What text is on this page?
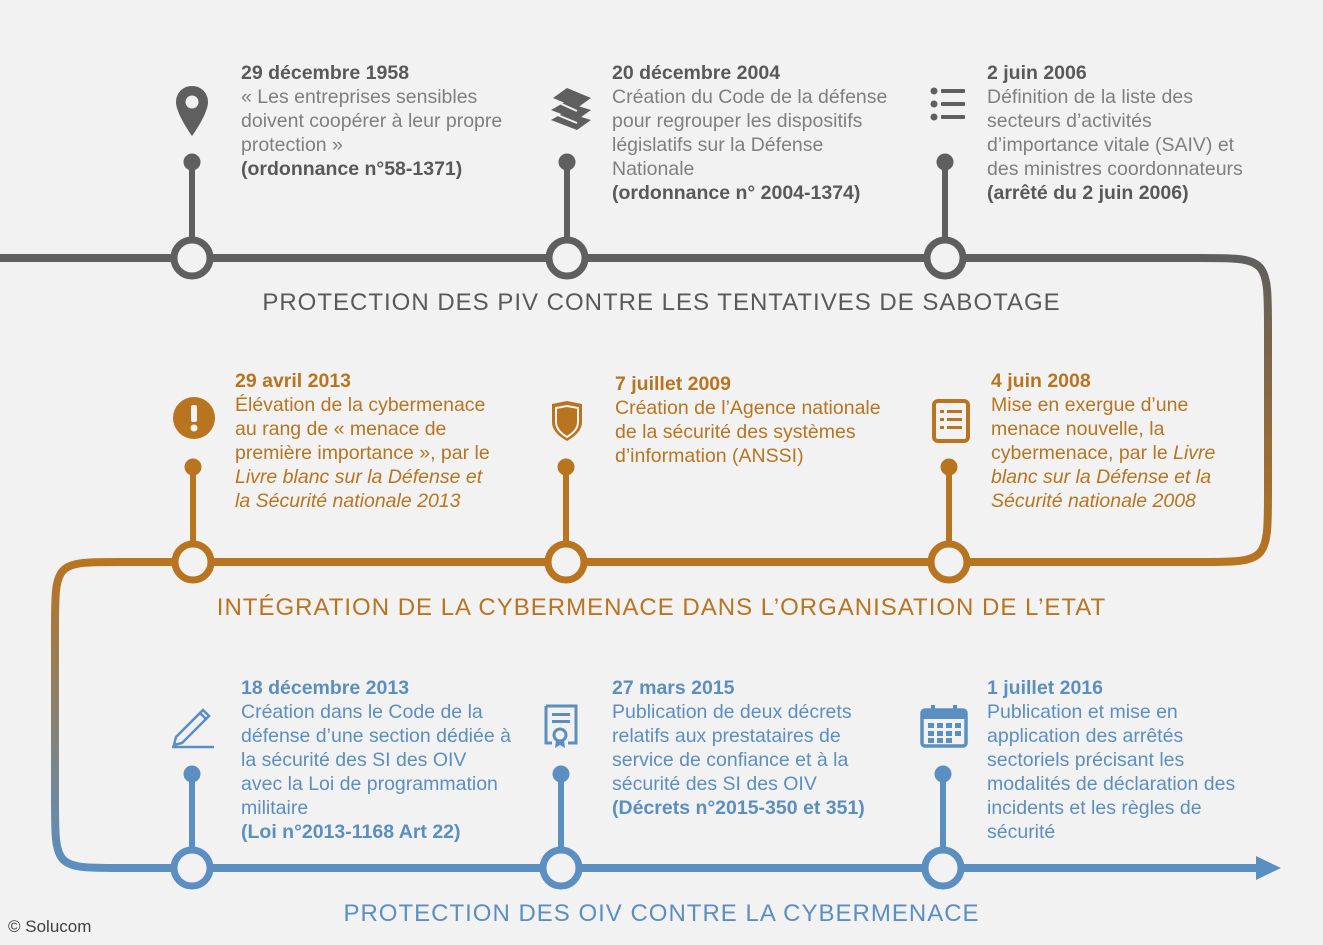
29 décembre 1958
« Les entreprises sensibles doivent coopérer à leur propre protection »
(ordonnance n°58-1371)
20 décembre 2004
Création du Code de la défense pour regrouper les dispositifs législatifs sur la Défense Nationale
(ordonnance n° 2004-1374)
2 juin 2006
Définition de la liste des secteurs d’activités d’importance vitale (SAIV) et des ministres coordonnateurs
(arrêté du 2 juin 2006)
PROTECTION DES PIV CONTRE LES TENTATIVES DE SABOTAGE
29 avril 2013
Élévation de la cybermenace au rang de « menace de première importance », par le Livre blanc sur la Défense et la Sécurité nationale 2013
7 juillet 2009
Création de l’Agence nationale de la sécurité des systèmes d’information (ANSSI)
4 juin 2008
Mise en exergue d’une menace nouvelle, la cybermenace, par le Livre blanc sur la Défense et la Sécurité nationale 2008
INTÉGRATION DE LA CYBERMENACE DANS L’ORGANISATION DE L’ETAT
18 décembre 2013
Création dans le Code de la défense d’une section dédiée à la sécurité des SI des OIV avec la Loi de programmation militaire
(Loi n°2013-1168 Art 22)
27 mars 2015
Publication de deux décrets relatifs aux prestataires de service de confiance et à la sécurité des SI des OIV
(Décrets n°2015-350 et 351)
1 juillet 2016
Publication et mise en application des arrêtés sectoriels précisant les modalités de déclaration des incidents et les règles de sécurité
PROTECTION DES OIV CONTRE LA CYBERMENACE
© Solucom
